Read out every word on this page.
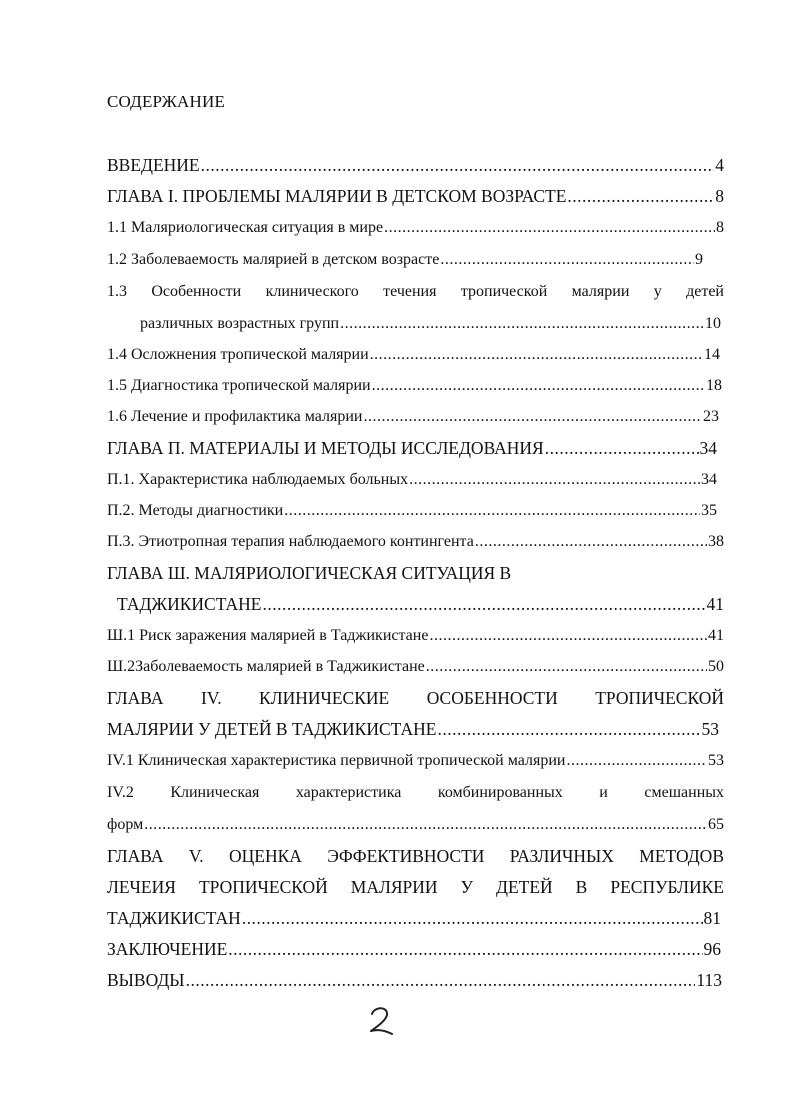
СОДЕРЖАНИЕ
ВВЕДЕНИЕ .....	4
ГЛАВА I. ПРОБЛЕМЫ МАЛЯРИИ В ДЕТСКОМ ВОЗРАСТЕ .....	8
1.1 Маляриологическая ситуация в мире .....	8
1.2 Заболеваемость малярией в детском возрасте .....	9
1.3 Особенности клинического течения тропической малярии у детей
различных возрастных групп .....	10
1.4 Осложнения тропической малярии .....	14
1.5 Диагностика тропической малярии .....	18
1.6 Лечение и профилактика малярии .....	23
ГЛАВА П. МАТЕРИАЛЫ И МЕТОДЫ ИССЛЕДОВАНИЯ .....	34
П.1. Характеристика наблюдаемых больных .....	34
П.2. Методы диагностики .....	35
П.3. Этиотропная терапия наблюдаемого контингента .....	38
ГЛАВА Ш. МАЛЯРИОЛОГИЧЕСКАЯ СИТУАЦИЯ В
ТАДЖИКИСТАНЕ .....	41
Ш.1 Риск заражения малярией в Таджикистане .....	41
Ш.2Заболеваемость малярией в Таджикистане .....	50
ГЛАВА IV. КЛИНИЧЕСКИЕ ОСОБЕННОСТИ ТРОПИЧЕСКОЙ
МАЛЯРИИ У ДЕТЕЙ В ТАДЖИКИСТАНЕ .....	53
IV.1 Клиническая характеристика первичной тропической малярии .....	53
IV.2 Клиническая характеристика комбинированных и смешанных
форм .....	65
ГЛАВА V. ОЦЕНКА ЭФФЕКТИВНОСТИ РАЗЛИЧНЫХ МЕТОДОВ
ЛЕЧЕИЯ ТРОПИЧЕСКОЙ МАЛЯРИИ У ДЕТЕЙ В РЕСПУБЛИКЕ
ТАДЖИКИСТАН .....	81
ЗАКЛЮЧЕНИЕ .....	96
ВЫВОДЫ .....	113
